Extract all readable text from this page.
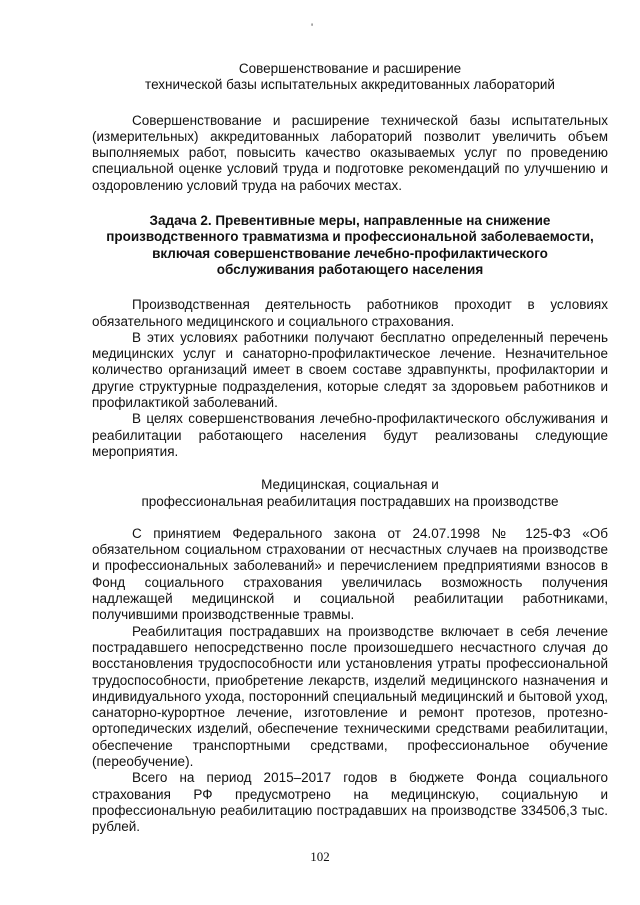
'

Совершенствование и расширение

технической базы испытательных аккредитованных лабораторий

Совершенствование и расширение технической базы испытательных (измерительных) аккредитованных лабораторий позволит увеличить объем выполняемых работ, повысить качество оказываемых услуг по проведению специальной оценке условий труда и подготовке рекомендаций по улучшению и оздоровлению условий труда на рабочих местах.

Задача 2. Превентивные меры, направленные на снижение

производственного травматизма и профессиональной заболеваемости,

включая совершенствование лечебно-профилактического

обслуживания работающего населения

Производственная деятельность работников проходит в условиях обязательного медицинского и социального страхования.

В этих условиях работники получают бесплатно определенный перечень медицинских услуг и санаторно-профилактическое лечение. Незначительное количество организаций имеет в своем составе здравпункты, профилактории и другие структурные подразделения, которые следят за здоровьем работников и профилактикой заболеваний.

В целях совершенствования лечебно-профилактического обслуживания и реабилитации работающего населения будут реализованы следующие мероприятия.

Медицинская, социальная и

профессиональная реабилитация пострадавших на производстве

С принятием Федерального закона от 24.07.1998 № 125-ФЗ «Об обязательном социальном страховании от несчастных случаев на производстве и профессиональных заболеваний» и перечислением предприятиями взносов в Фонд социального страхования увеличилась возможность получения надлежащей медицинской и социальной реабилитации работниками, получившими производственные травмы.

Реабилитация пострадавших на производстве включает в себя лечение пострадавшего непосредственно после произошедшего несчастного случая до восстановления трудоспособности или установления утраты профессиональной трудоспособности, приобретение лекарств, изделий медицинского назначения и индивидуального ухода, посторонний специальный медицинский и бытовой уход, санаторно-курортное лечение, изготовление и ремонт протезов, протезно-ортопедических изделий, обеспечение техническими средствами реабилитации, обеспечение транспортными средствами, профессиональное обучение (переобучение).

Всего на период 2015–2017 годов в бюджете Фонда социального страхования РФ предусмотрено на медицинскую, социальную и профессиональную реабилитацию пострадавших на производстве 334506,3 тыс. рублей.

102
